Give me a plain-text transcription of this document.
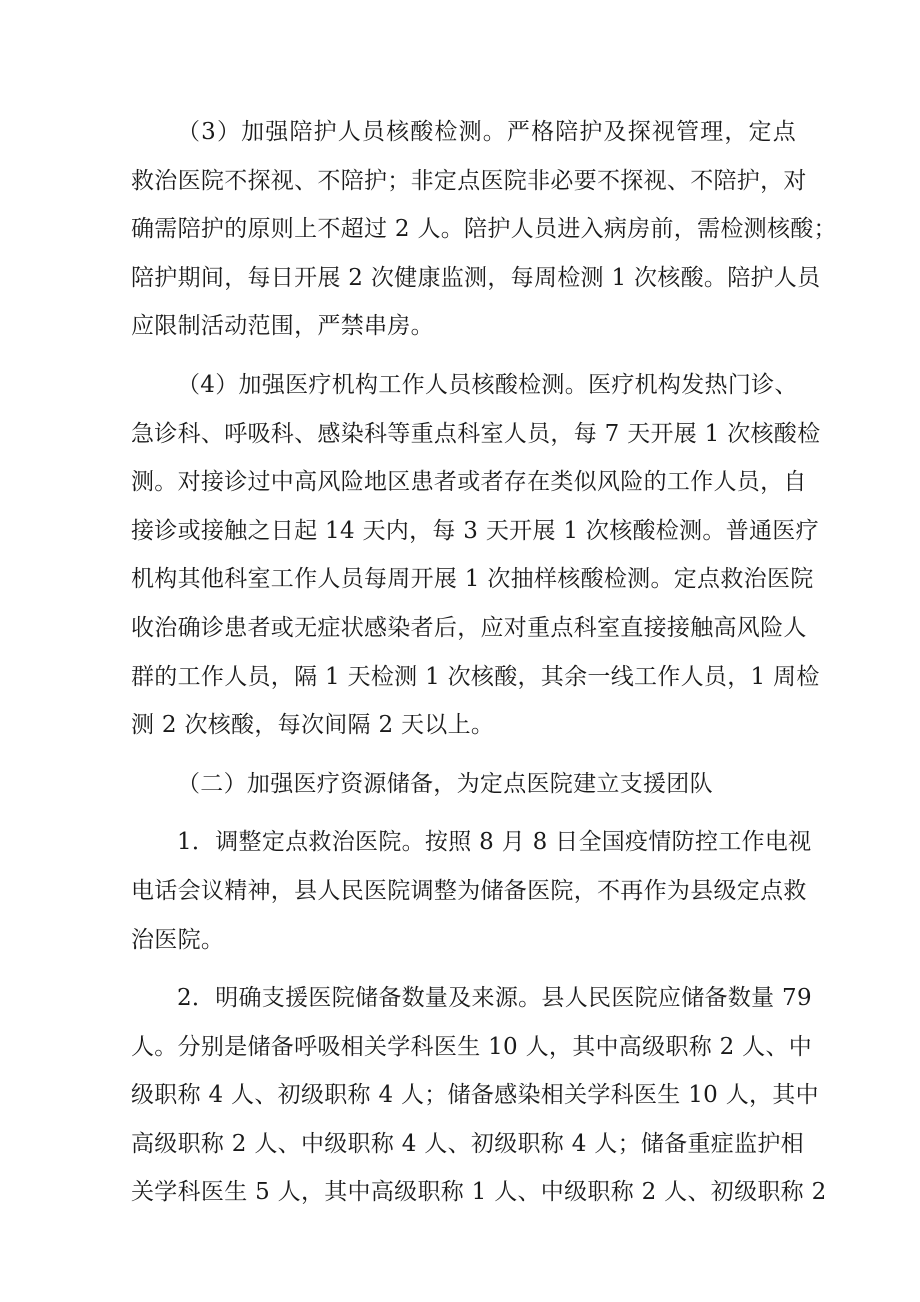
（3）加强陪护人员核酸检测。严格陪护及探视管理，定点
救治医院不探视、不陪护；非定点医院非必要不探视、不陪护，对
确需陪护的原则上不超过 2 人。陪护人员进入病房前，需检测核酸；
陪护期间，每日开展 2 次健康监测，每周检测 1 次核酸。陪护人员
应限制活动范围，严禁串房。
（4）加强医疗机构工作人员核酸检测。医疗机构发热门诊、
急诊科、呼吸科、感染科等重点科室人员，每 7 天开展 1 次核酸检
测。对接诊过中高风险地区患者或者存在类似风险的工作人员，自
接诊或接触之日起 14 天内，每 3 天开展 1 次核酸检测。普通医疗
机构其他科室工作人员每周开展 1 次抽样核酸检测。定点救治医院
收治确诊患者或无症状感染者后，应对重点科室直接接触高风险人
群的工作人员，隔 1 天检测 1 次核酸，其余一线工作人员，1 周检
测 2 次核酸，每次间隔 2 天以上。
（二）加强医疗资源储备，为定点医院建立支援团队
1．调整定点救治医院。按照 8 月 8 日全国疫情防控工作电视
电话会议精神，县人民医院调整为储备医院，不再作为县级定点救
治医院。
2．明确支援医院储备数量及来源。县人民医院应储备数量 79
人。分别是储备呼吸相关学科医生 10 人，其中高级职称 2 人、中
级职称 4 人、初级职称 4 人；储备感染相关学科医生 10 人，其中
高级职称 2 人、中级职称 4 人、初级职称 4 人；储备重症监护相
关学科医生 5 人，其中高级职称 1 人、中级职称 2 人、初级职称 2
